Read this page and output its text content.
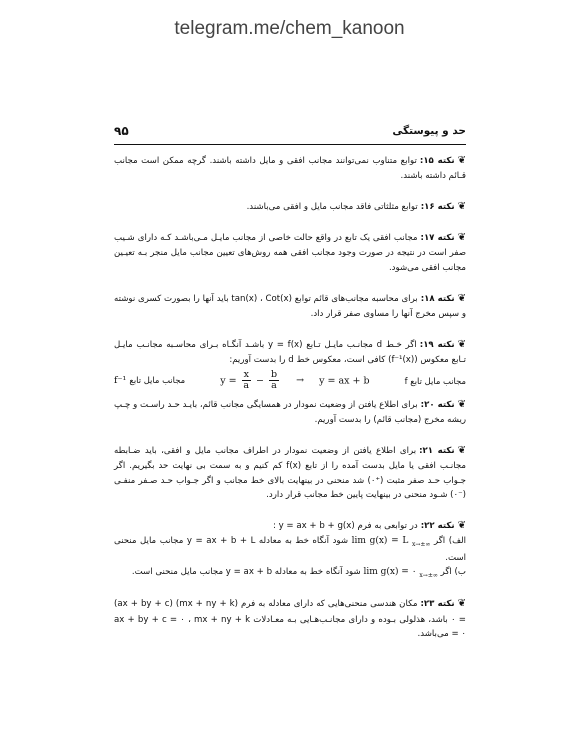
telegram.me/chem_kanoon
۹۵	حد و پیوستگی

❦نکته ۱۵:توابع متناوب نمی‌توانند مجانب افقی و مایل داشته باشند. گرچه ممکن است مجانب قـائم داشته باشند.

❦نکته ۱۶:توابع مثلثاتی فاقد مجانب مایل و افقی می‌باشند.

❦نکته ۱۷:مجانب افقی یک تابع در واقع حالت خاصی از مجانب مایـل مـی‌باشـد کـه دارای شـیب صفر است در نتیجه در صورت وجود مجانب افقی همه روش‌های تعیین مجانب مایل منجر بـه تعیـین مجانب افقی می‌شود.

❦نکته ۱۸:برای محاسبه مجانب‌های قائم توابع tan(x) ، Cot(x) باید آنها را بصورت کسری نوشته و سپس مخرج آنها را مساوی صفر قرار داد.

❦نکته ۱۹:اگر خـط d مجانـب مایـل تـابع y = f(x) باشـد آنگـاه بـرای محاسـبه مجانـب مایـل تـابع معکوس (f⁻¹(x)) کافی است، معکوس خط d را بدست آوریم:
f⁻¹ مجانب مایل تابع	$y = \frac{x}{a} - \frac{b}{a} \to y$ = ax + b	مجانب مایل تابع f

❦نکته ۲۰:برای اطلاع یافتن از وضعیت نمودار در همسایگی مجانب قائم، بایـد حـد راسـت و چـپ ریشه مخرج (مجانب قائم) را بدست آوریم.

❦نکته ۲۱:برای اطلاع یافتن از وضعیت نمودار در اطراف مجانب مایل و افقی، باید ضـابطه مجانـب افقی یا مایل بدست آمده را از تابع f(x) کم کنیم و به سمت بی نهایت حد بگیریم. اگر جـواب حـد صفر مثبت (⁺۰) شد منحنی در بینهایت بالای خط مجانب و اگر جـواب حـد صـفر منفـی (⁻۰) شـود منحنی در بینهایت پایین خط مجانب قرار دارد.

❦نکته ۲۲:در توابعی به فرم y = ax + b + g(x) :
الف) اگر lim g(x) = L $_{x\to\pm\infty}$ شود آنگاه خط به معادله y = ax + b + L مجانب مایل منحنی است.
ب) اگر lim g(x) = ۰ $_{x\to\pm\infty}$ شود آنگاه خط به معادله y = ax + b مجانب مایل منحنی است.

❦نکته ۲۳:مکان هندسی منحنی‌هایی که دارای معادله به فرم (mx + ny + k) (ax + by + c) = ۰ باشد، هذلولی بـوده و دارای مجانـب‌هـایی بـه معـادلات ax + by + c = ۰ ، mx + ny + k = ۰ می‌باشد.
